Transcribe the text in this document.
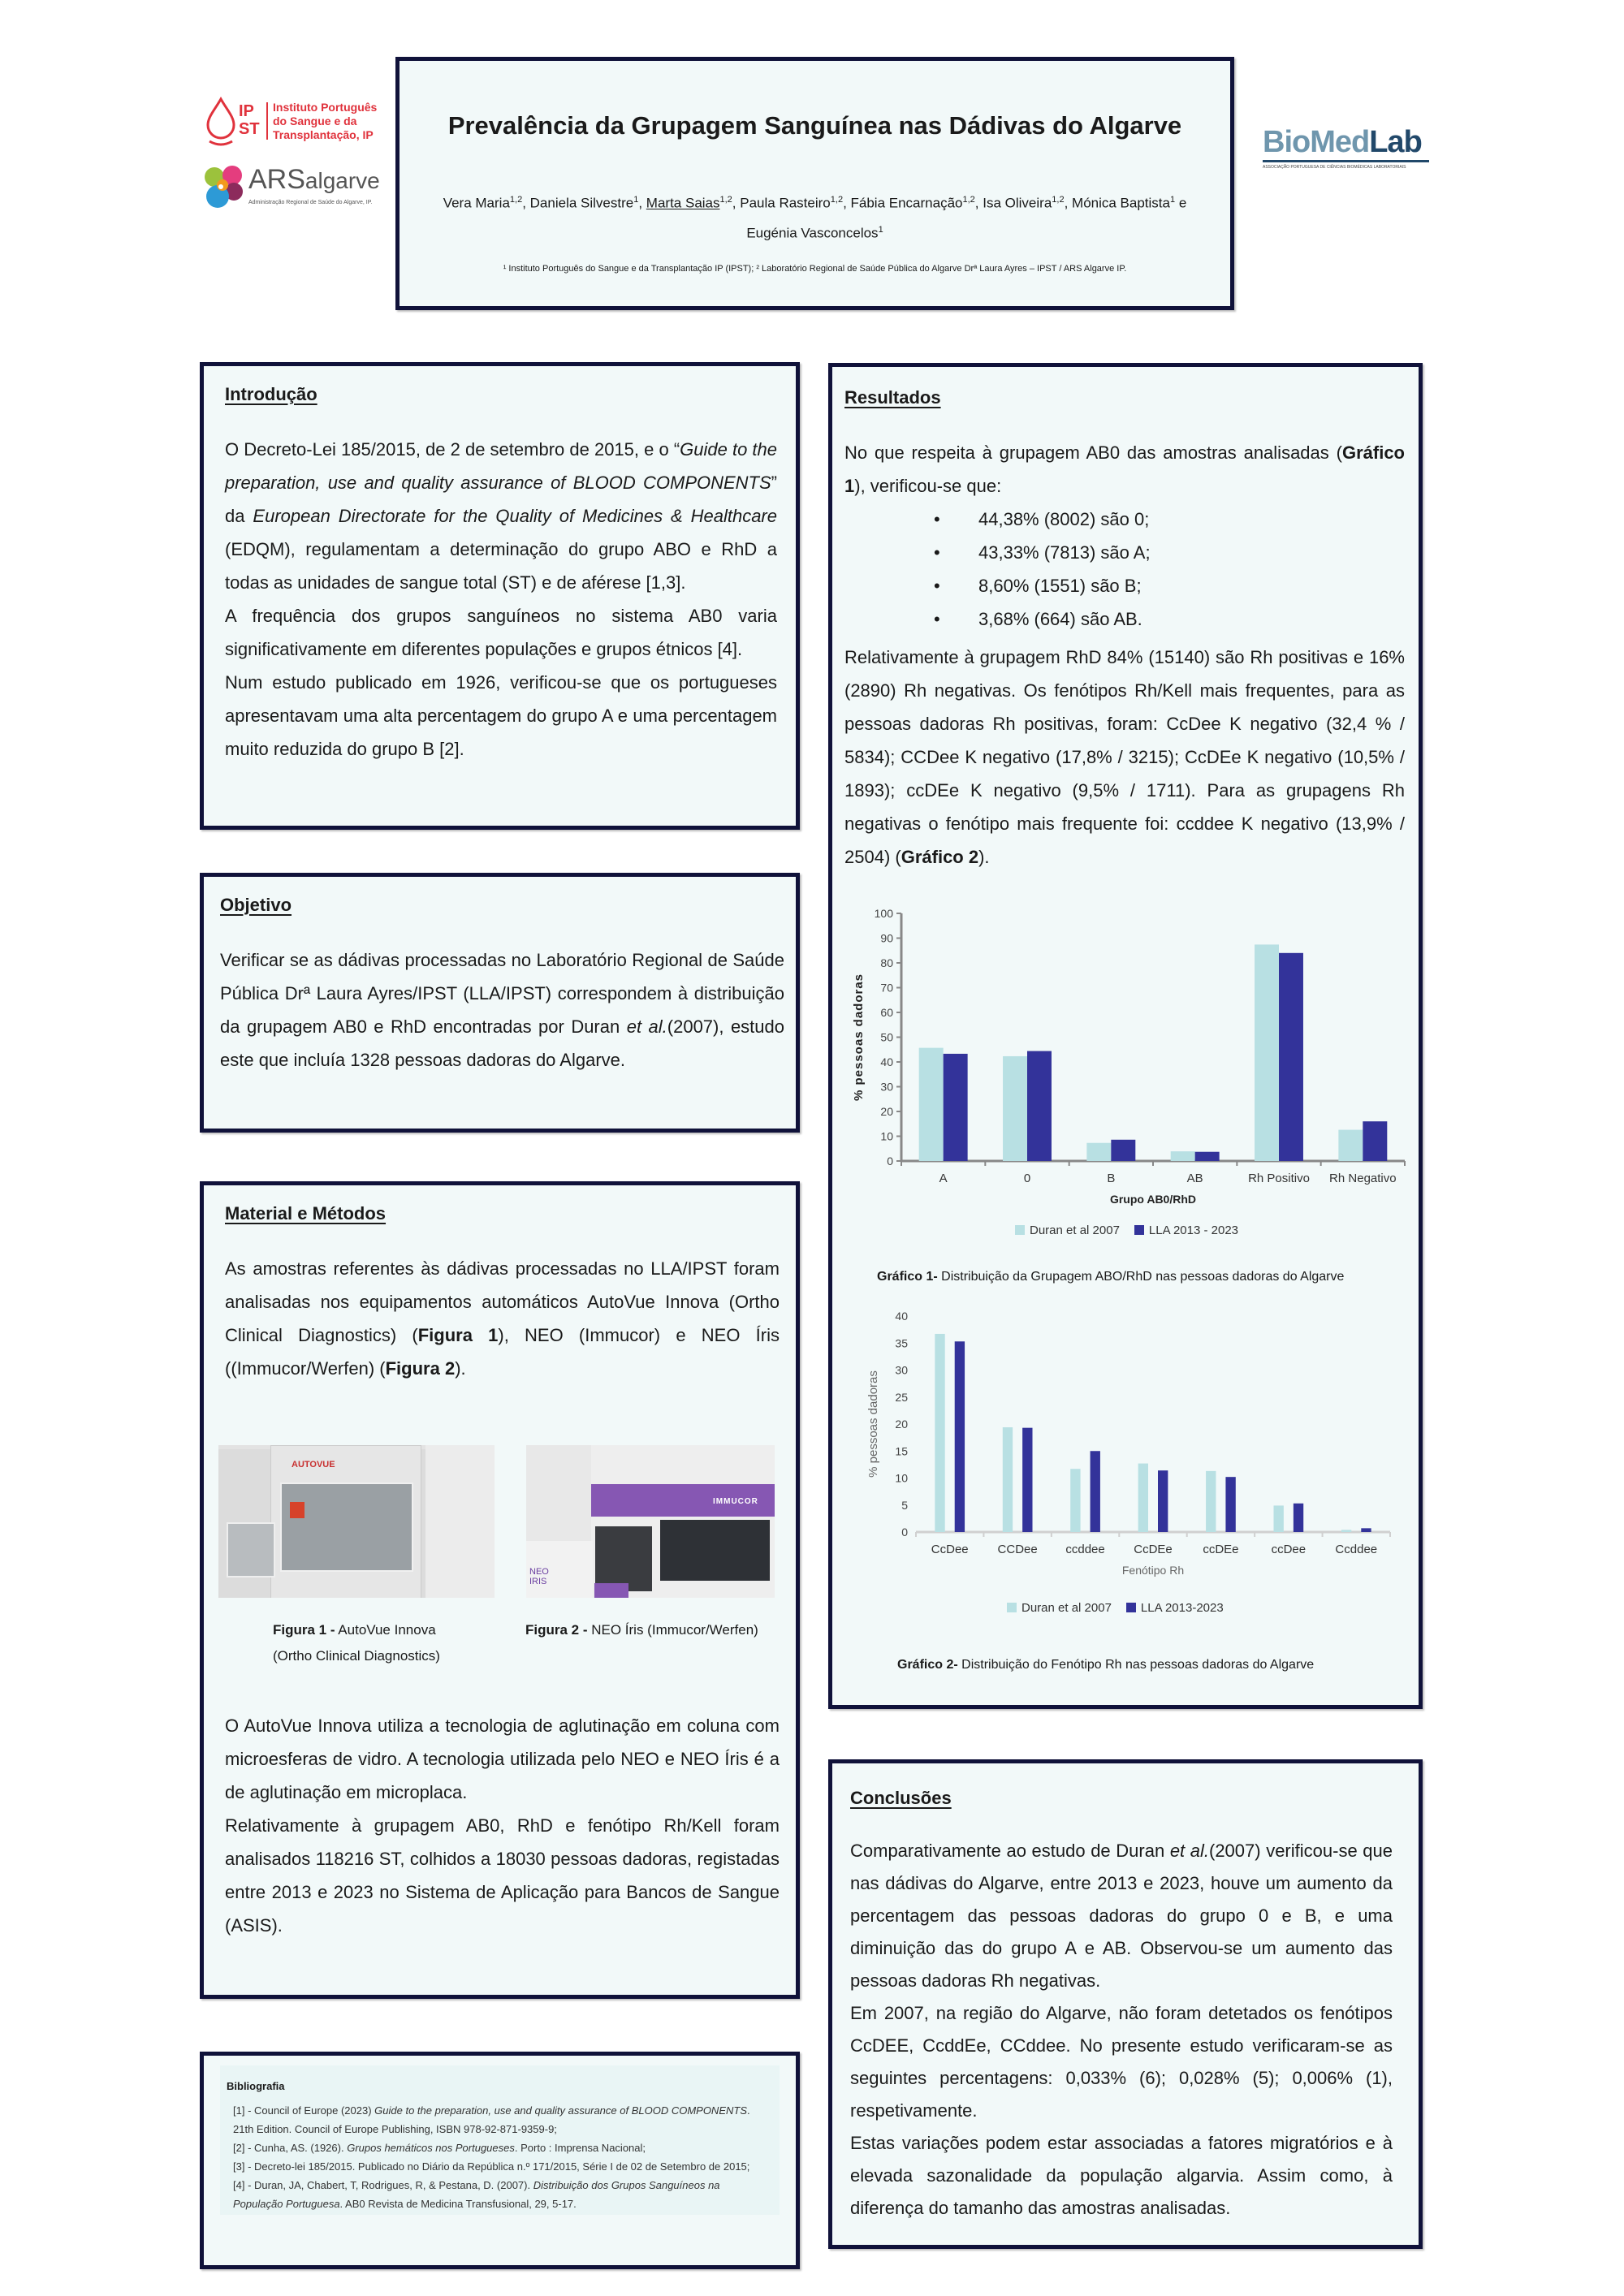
IP
ST
Instituto Português
do Sangue e da
Transplantação, IP
ARSalgarve
Administração Regional de Saúde do Algarve, IP.
BioMedLab
ASSOCIAÇÃO PORTUGUESA DE CIÊNCIAS BIOMÉDICAS LABORATORIAIS
Prevalência da Grupagem Sanguínea nas Dádivas do Algarve
Vera Maria$^{1,2}$, Daniela Silvestre$^1$, Marta Saias$^{1,2}$, Paula Rasteiro$^{1,2}$, Fábia Encarnação$^{1,2}$, Isa Oliveira$^{1,2}$, Mónica Baptista$^1$ e
Eugénia Vasconcelos$^1$
¹ Instituto Português do Sangue e da Transplantação IP (IPST); ² Laboratório Regional de Saúde Pública do Algarve Drª Laura Ayres – IPST / ARS Algarve IP.
Introdução

O Decreto-Lei 185/2015, de 2 de setembro de 2015, e o “Guide to the preparation, use and quality assurance of BLOOD COMPONENTS” da European Directorate for the Quality of Medicines & Healthcare (EDQM), regulamentam a determinação do grupo ABO e RhD a todas as unidades de sangue total (ST) e de aférese [1,3].

A frequência dos grupos sanguíneos no sistema AB0 varia significativamente em diferentes populações e grupos étnicos [4].

Num estudo publicado em 1926, verificou-se que os portugueses apresentavam uma alta percentagem do grupo A e uma percentagem muito reduzida do grupo B [2].

Objetivo

Verificar se as dádivas processadas no Laboratório Regional de Saúde Pública Drª Laura Ayres/IPST (LLA/IPST) correspondem à distribuição da grupagem AB0 e RhD encontradas por Duran et al.(2007), estudo este que incluía 1328 pessoas dadoras do Algarve.

Material e Métodos

As amostras referentes às dádivas processadas no LLA/IPST foram analisadas nos equipamentos automáticos AutoVue Innova (Ortho Clinical Diagnostics) (Figura 1), NEO (Immucor) e NEO Íris ((Immucor/Werfen) (Figura 2).

AUTOVUE
IMMUCOR
NEO IRIS
Figura 1 - AutoVue Innova
(Ortho Clinical Diagnostics)
Figura 2 - NEO Íris (Immucor/Werfen)

O AutoVue Innova utiliza a tecnologia de aglutinação em coluna com microesferas de vidro. A tecnologia utilizada pelo NEO e NEO Íris é a de aglutinação em microplaca.

Relativamente à grupagem AB0, RhD e fenótipo Rh/Kell foram analisados 118216 ST, colhidos a 18030 pessoas dadoras, registadas entre 2013 e 2023 no Sistema de Aplicação para Bancos de Sangue (ASIS).

Bibliografia
[1] - Council of Europe (2023) Guide to the preparation, use and quality assurance of BLOOD COMPONENTS. 21th Edition. Council of Europe Publishing, ISBN 978-92-871-9359-9;
[2] - Cunha, AS. (1926). Grupos hemáticos nos Portugueses. Porto : Imprensa Nacional;
[3] - Decreto-lei 185/2015. Publicado no Diário da República n.º 171/2015, Série I de 02 de Setembro de 2015;
[4] - Duran, JA, Chabert, T, Rodrigues, R, & Pestana, D. (2007). Distribuição dos Grupos Sanguíneos na População Portuguesa. AB0 Revista de Medicina Transfusional, 29, 5-17.
Resultados

No que respeita à grupagem AB0 das amostras analisadas (Gráfico 1), verificou-se que:

• 44,38% (8002) são 0;
• 43,33% (7813) são A;
• 8,60% (1551) são B;
• 3,68% (664) são AB.

Relativamente à grupagem RhD 84% (15140) são Rh positivas e 16% (2890) Rh negativas. Os fenótipos Rh/Kell mais frequentes, para as pessoas dadoras Rh positivas, foram: CcDee K negativo (32,4 % / 5834); CCDee K negativo (17,8% / 3215); CcDEe K negativo (10,5% / 1893); ccDEe K negativo (9,5% / 1711). Para as grupagens Rh negativas o fenótipo mais frequente foi: ccddee K negativo (13,9% / 2504) (Gráfico 2).

0
10
20
30
40
50
60
70
80
90
100
A	0	B	AB	Rh Positivo Rh Negativo
Grupo AB0/RhD
% pessoas dadoras
Duran et al 2007	LLA 2013 - 2023
Gráfico 1- Distribuição da Grupagem ABO/RhD nas pessoas dadoras do Algarve
0
5
10
15
20
25
30
35
40
CcDee CCDee ccddee CcDEe	ccDEe	ccDee Ccddee
Fenótipo Rh
% pessoas dadoras
Duran et al 2007	LLA 2013-2023
Gráfico 2- Distribuição do Fenótipo Rh nas pessoas dadoras do Algarve
Conclusões

Comparativamente ao estudo de Duran et al.(2007) verificou-se que nas dádivas do Algarve, entre 2013 e 2023, houve um aumento da percentagem das pessoas dadoras do grupo 0 e B, e uma diminuição das do grupo A e AB. Observou-se um aumento das pessoas dadoras Rh negativas.

Em 2007, na região do Algarve, não foram detetados os fenótipos CcDEE, CcddEe, CCddee. No presente estudo verificaram-se as seguintes percentagens: 0,033% (6); 0,028% (5); 0,006% (1), respetivamente.

Estas variações podem estar associadas a fatores migratórios e à elevada sazonalidade da população algarvia. Assim como, à diferença do tamanho das amostras analisadas.
